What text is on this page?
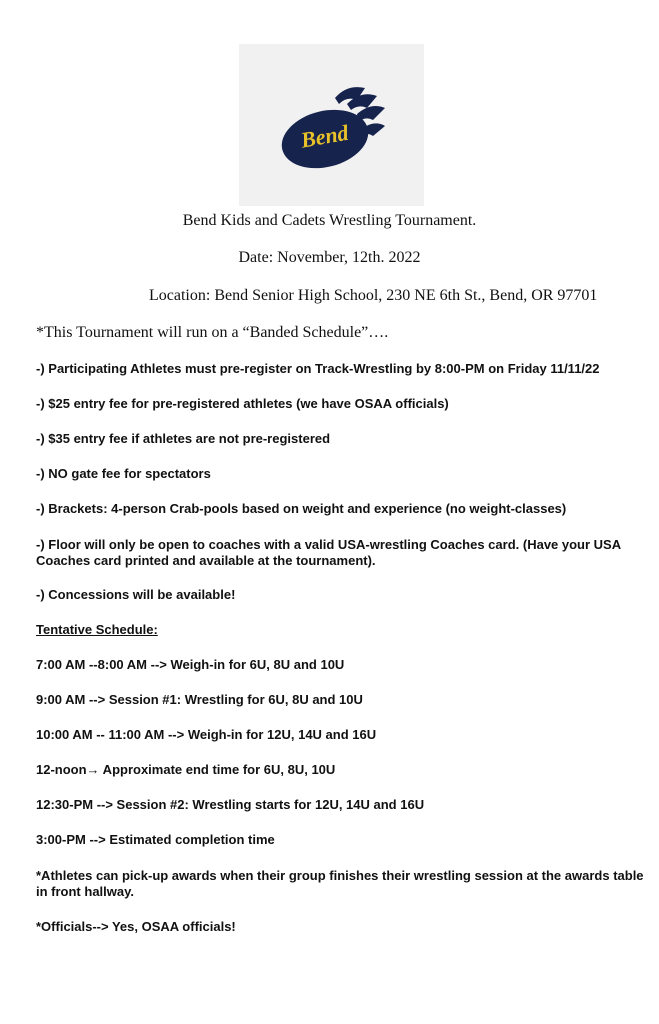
Bend
Bend Kids and Cadets Wrestling Tournament.
Date: November, 12th. 2022
Location: Bend Senior High School, 230 NE 6th St., Bend, OR 97701
*This Tournament will run on a “Banded Schedule”….
-) Participating Athletes must pre-register on Track-Wrestling by 8:00-PM on Friday 11/11/22
-) $25 entry fee for pre-registered athletes (we have OSAA officials)
-) $35 entry fee if athletes are not pre-registered
-) NO gate fee for spectators
-) Brackets: 4-person Crab-pools based on weight and experience (no weight-classes)
-) Floor will only be open to coaches with a valid USA-wrestling Coaches card. (Have your USA Coaches card printed and available at the tournament).
-) Concessions will be available!
Tentative Schedule:
7:00 AM --8:00 AM --> Weigh-in for 6U, 8U and 10U
9:00 AM --> Session #1: Wrestling for 6U, 8U and 10U
10:00 AM -- 11:00 AM --> Weigh-in for 12U, 14U and 16U
12-noon→ Approximate end time for 6U, 8U, 10U
12:30-PM --> Session #2: Wrestling starts for 12U, 14U and 16U
3:00-PM --> Estimated completion time
*Athletes can pick-up awards when their group finishes their wrestling session at the awards table in front hallway.
*Officials--> Yes, OSAA officials!
